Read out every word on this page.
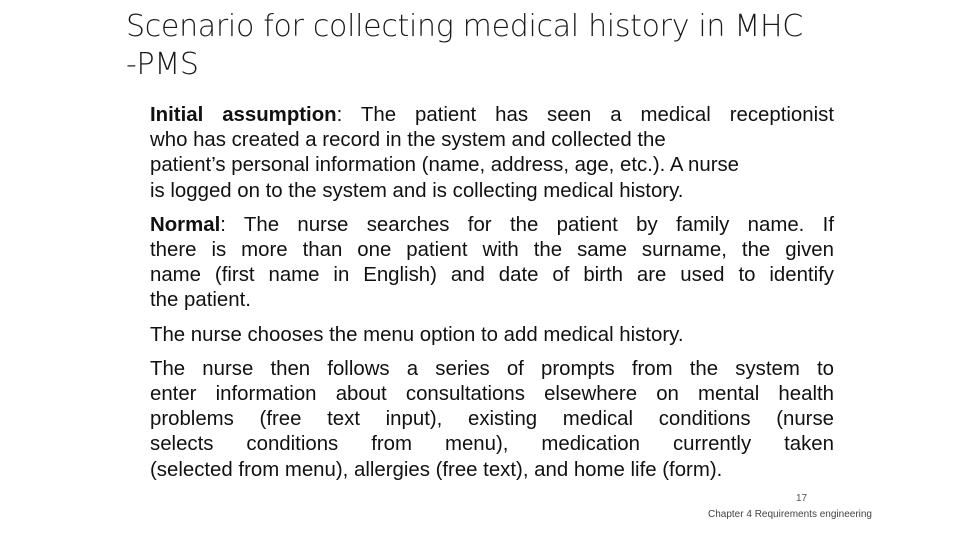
Scenario for collecting medical history in MHC
-PMS

Initial assumption: The patient has seen a medical receptionist
who has created a record in the system and collected the
patient’s personal information (name, address, age, etc.). A nurse
is logged on to the system and is collecting medical history.

Normal: The nurse searches for the patient by family name. If
there is more than one patient with the same surname, the given
name (first name in English) and date of birth are used to identify
the patient.

The nurse chooses the menu option to add medical history.

The nurse then follows a series of prompts from the system to
enter information about consultations elsewhere on mental health
problems (free text input), existing medical conditions (nurse
selects conditions from menu), medication currently taken
(selected from menu), allergies (free text), and home life (form).

17
Chapter 4 Requirements engineering
